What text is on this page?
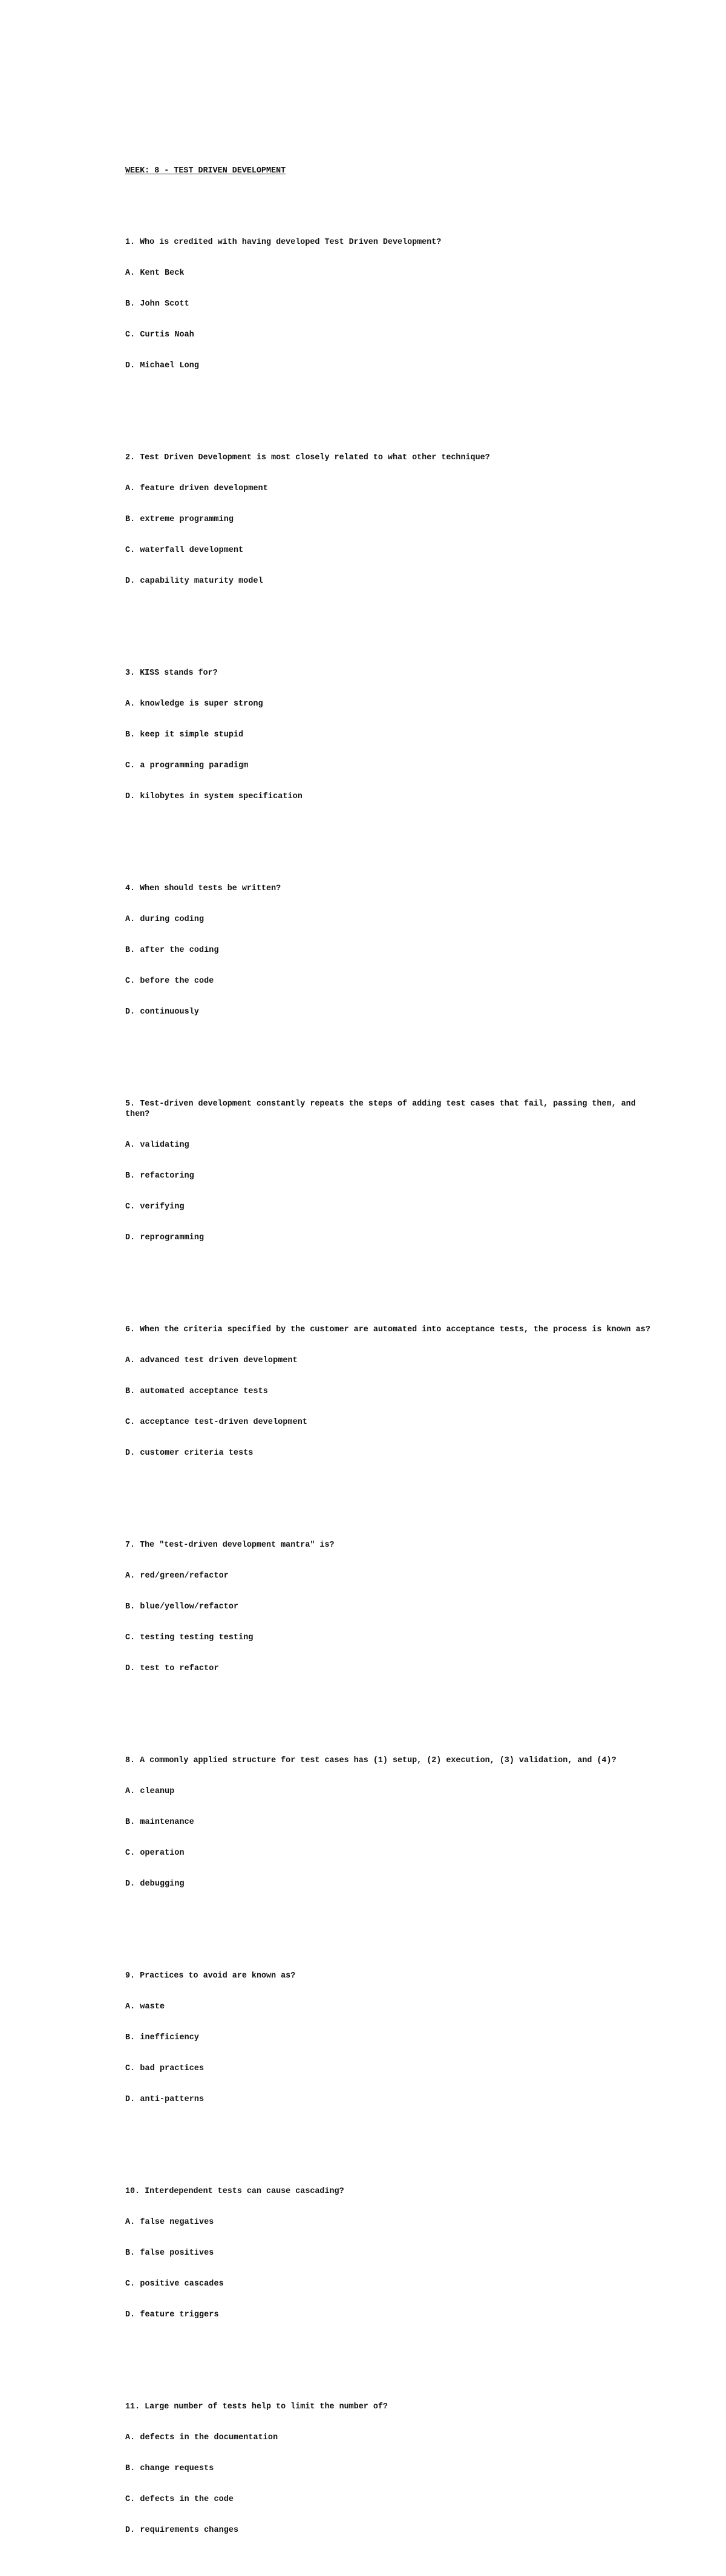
WEEK: 8 - TEST DRIVEN DEVELOPMENT

1. Who is credited with having developed Test Driven Development?

A. Kent Beck

B. John Scott

C. Curtis Noah

D. Michael Long

2. Test Driven Development is most closely related to what other technique?

A. feature driven development

B. extreme programming

C. waterfall development

D. capability maturity model

3. KISS stands for?

A. knowledge is super strong

B. keep it simple stupid

C. a programming paradigm

D. kilobytes in system specification

4. When should tests be written?

A. during coding

B. after the coding

C. before the code

D. continuously

5. Test-driven development constantly repeats the steps of adding test cases that fail, passing them, and then?

A. validating

B. refactoring

C. verifying

D. reprogramming

6. When the criteria specified by the customer are automated into acceptance tests, the process is known as?

A. advanced test driven development

B. automated acceptance tests

C. acceptance test-driven development

D. customer criteria tests

7. The "test-driven development mantra" is?

A. red/green/refactor

B. blue/yellow/refactor

C. testing testing testing

D. test to refactor

8. A commonly applied structure for test cases has (1) setup, (2) execution, (3) validation, and (4)?

A. cleanup

B. maintenance

C. operation

D. debugging

9. Practices to avoid are known as?

A. waste

B. inefficiency

C. bad practices

D. anti-patterns

10. Interdependent tests can cause cascading?

A. false negatives

B. false positives

C. positive cascades

D. feature triggers

11. Large number of tests help to limit the number of?

A. defects in the documentation

B. change requests

C. defects in the code

D. requirements changes
